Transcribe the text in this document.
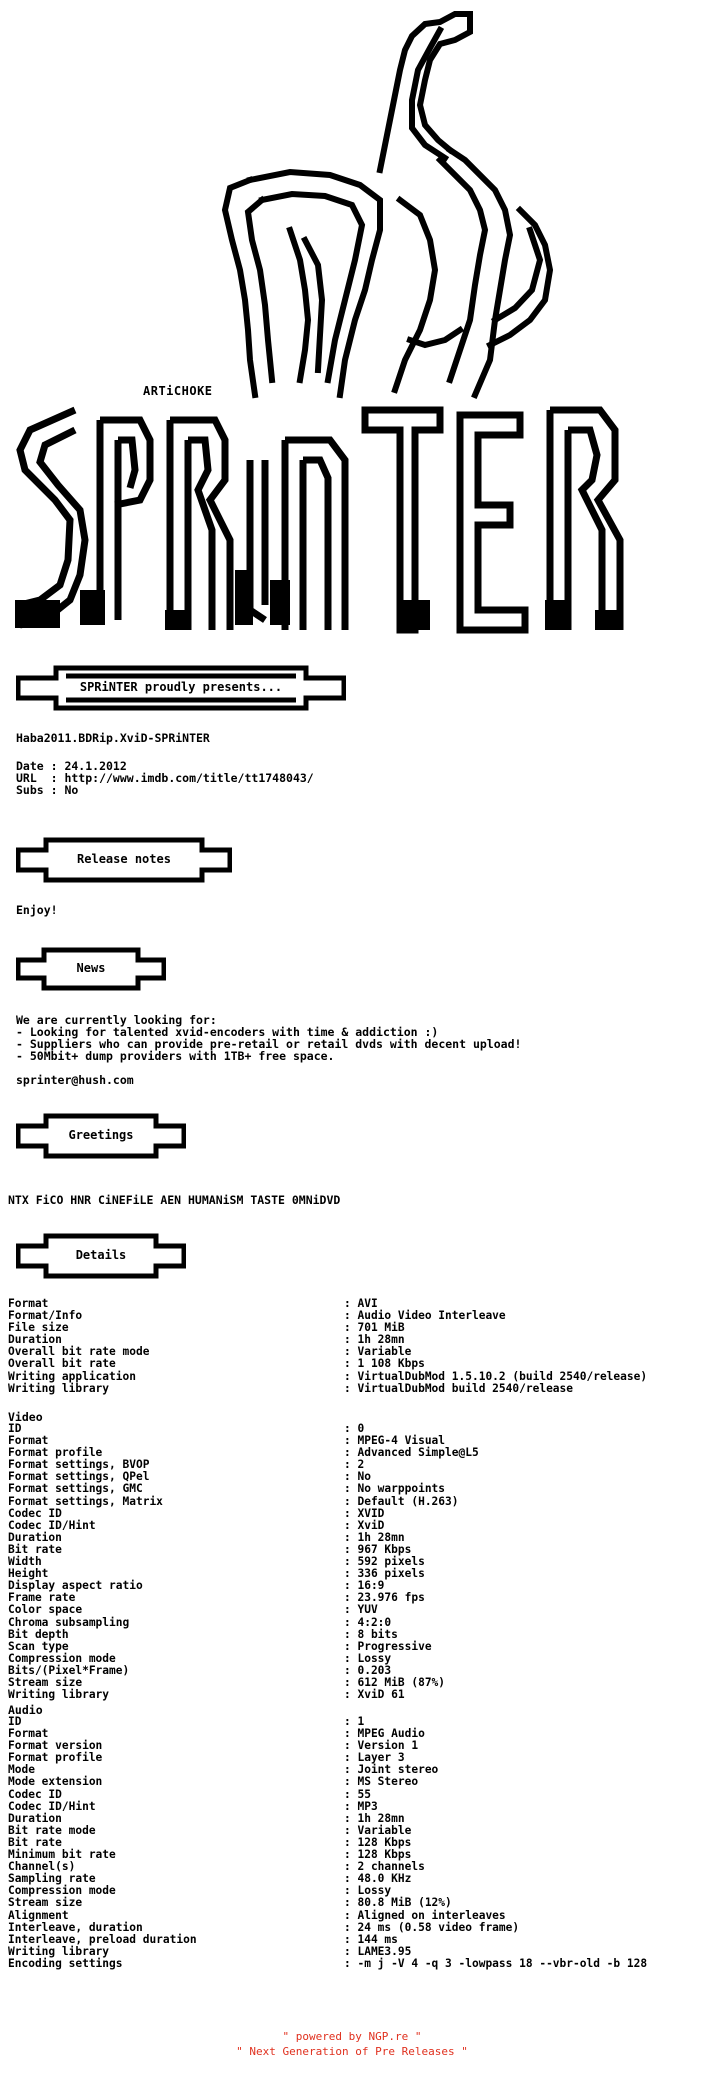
ARTiCHOKE
SPRiNTER proudly presents...
Haba2011.BDRip.XviD-SPRiNTER
Date : 24.1.2012
URL  : http://www.imdb.com/title/tt1748043/
Subs : No
Release notes
Enjoy!
News
We are currently looking for:
- Looking for talented xvid-encoders with time & addiction :)
- Suppliers who can provide pre-retail or retail dvds with decent upload!
- 50Mbit+ dump providers with 1TB+ free space.
sprinter@hush.com
Greetings
NTX FiCO HNR CiNEFiLE AEN HUMANiSM TASTE 0MNiDVD
Details
Format	: AVI
Format/Info	: Audio Video Interleave
File size	: 701 MiB
Duration	: 1h 28mn
Overall bit rate mode	: Variable
Overall bit rate	: 1 108 Kbps
Writing application	: VirtualDubMod 1.5.10.2 (build 2540/release)
Writing library	: VirtualDubMod build 2540/release
Video
ID	: 0
Format	: MPEG-4 Visual
Format profile	: Advanced Simple@L5
Format settings, BVOP	: 2
Format settings, QPel	: No
Format settings, GMC	: No warppoints
Format settings, Matrix	: Default (H.263)
Codec ID	: XVID
Codec ID/Hint	: XviD
Duration	: 1h 28mn
Bit rate	: 967 Kbps
Width	: 592 pixels
Height	: 336 pixels
Display aspect ratio	: 16:9
Frame rate	: 23.976 fps
Color space	: YUV
Chroma subsampling	: 4:2:0
Bit depth	: 8 bits
Scan type	: Progressive
Compression mode	: Lossy
Bits/(Pixel*Frame)	: 0.203
Stream size	: 612 MiB (87%)
Writing library	: XviD 61
Audio
ID	: 1
Format	: MPEG Audio
Format version	: Version 1
Format profile	: Layer 3
Mode	: Joint stereo
Mode extension	: MS Stereo
Codec ID	: 55
Codec ID/Hint	: MP3
Duration	: 1h 28mn
Bit rate mode	: Variable
Bit rate	: 128 Kbps
Minimum bit rate	: 128 Kbps
Channel(s)	: 2 channels
Sampling rate	: 48.0 KHz
Compression mode	: Lossy
Stream size	: 80.8 MiB (12%)
Alignment	: Aligned on interleaves
Interleave, duration	: 24 ms (0.58 video frame)
Interleave, preload duration	: 144 ms
Writing library	: LAME3.95
Encoding settings	: -m j -V 4 -q 3 -lowpass 18 --vbr-old -b 128
" powered by NGP.re "
" Next Generation of Pre Releases "
